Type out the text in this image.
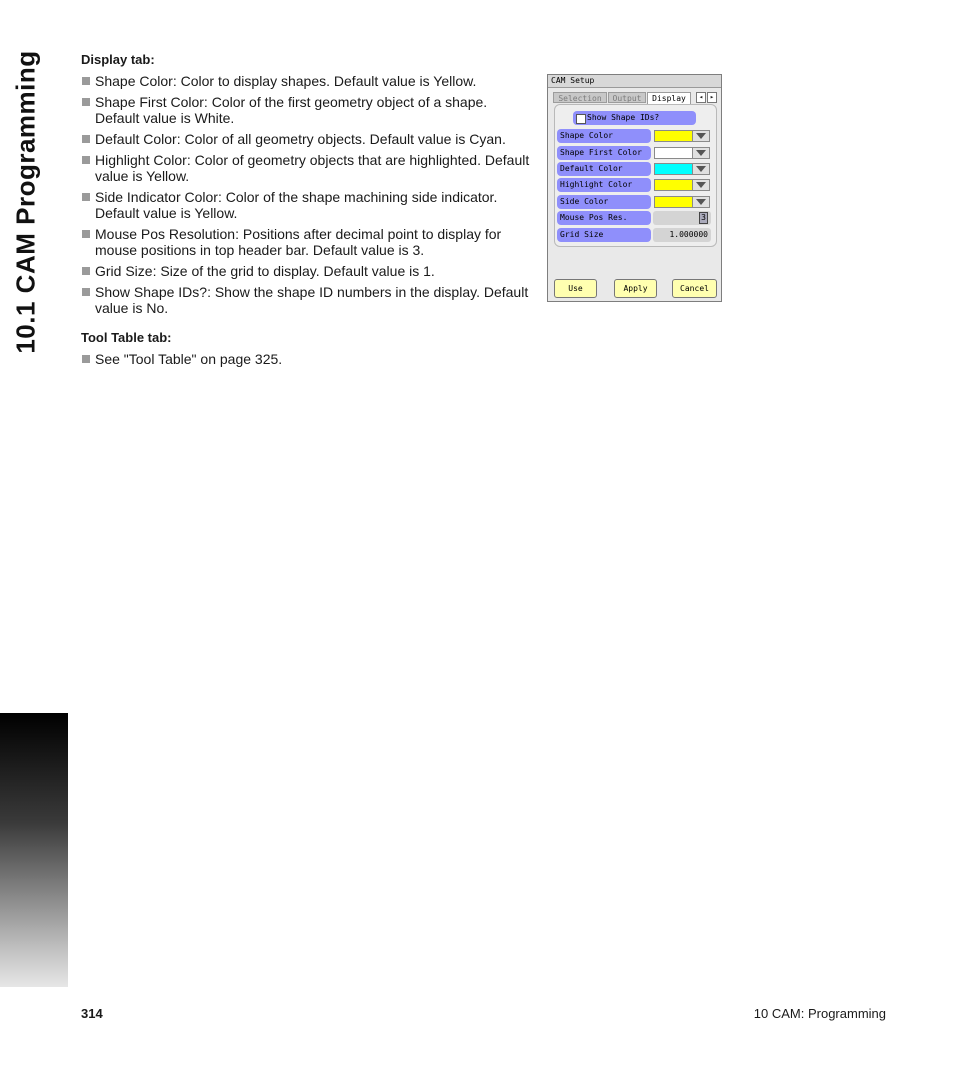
10.1 CAM Programming	Display tab:
Shape Color: Color to display shapes. Default value is Yellow.
Shape First Color: Color of the first geometry object of a shape. Default value is White.
Default Color: Color of all geometry objects. Default value is Cyan.
Highlight Color: Color of geometry objects that are highlighted. Default value is Yellow.
Side Indicator Color: Color of the shape machining side indicator. Default value is Yellow.
Mouse Pos Resolution: Positions after decimal point to display for mouse positions in top header bar. Default value is 3.
Grid Size: Size of the grid to display. Default value is 1.
Show Shape IDs?: Show the shape ID numbers in the display. Default value is No.
Tool Table tab:
See "Tool Table" on page 325.
CAM Setup
Selection	Output	Display	◂ ▸
Show Shape IDs?
Shape Color
Shape First Color
Default Color
Highlight Color
Side Color
Mouse Pos Res.	3
Grid Size	1.000000
Use	Apply	Cancel
314	10 CAM: Programming
